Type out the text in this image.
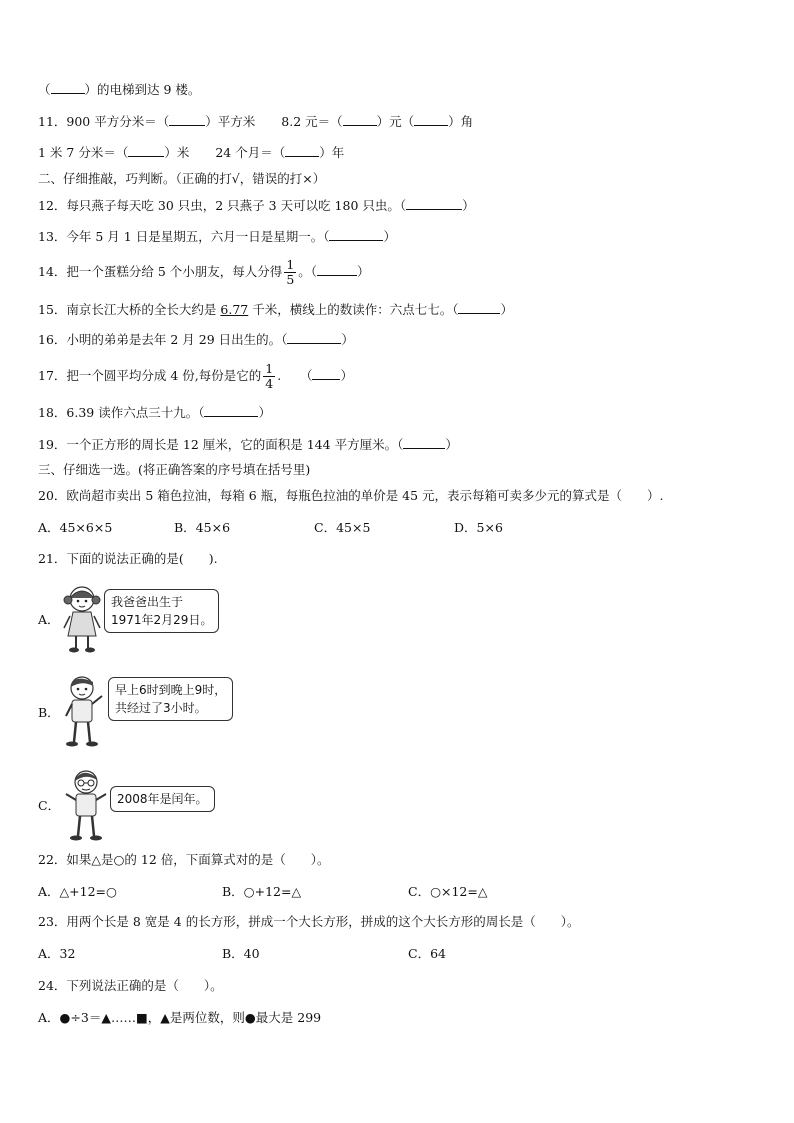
（	）的电梯到达 9 楼。
11．900 平方分米＝（	）平方米 8.2 元＝（	）元（	）角
1 米 7 分米＝（	）米 24 个月＝（	）年
二、仔细推敲，巧判断。（正确的打√，错误的打×）
12．每只燕子每天吃 30 只虫，2 只燕子 3 天可以吃 180 只虫。（	）
13．今年 5 月 1 日是星期五，六月一日是星期一。（	）
14．把一个蛋糕分给 5 个小朋友，每人分得 $\frac{1}{5}$ 。（	）
15．南京长江大桥的全长大约是 6.77 千米，横线上的数读作：六点七七。（	）
16．小明的弟弟是去年 2 月 29 日出生的。（	）
17．把一个圆平均分成 4 份,每份是它的 $\frac{1}{4}$ .　　（ ）
18．6.39 读作六点三十九。（	）
19．一个正方形的周长是 12 厘米，它的面积是 144 平方厘米。（	）
三、仔细选一选。(将正确答案的序号填在括号里)
20．欧尚超市卖出 5 箱色拉油，每箱 6 瓶，每瓶色拉油的单价是 45 元，表示每箱可卖多少元的算式是（　　）.
A．45×6×5	B．45×6	C．45×5	D．5×6
21．下面的说法正确的是(　　).
A．
我爸爸出生于
1971年2月29日。
B．
早上6时到晚上9时，
共经过了3小时。
C．	2008年是闰年。
22．如果△是○的 12 倍，下面算式对的是（　　）。
A．△+12=○	B．○+12=△	C．○×12=△
23．用两个长是 8 宽是 4 的长方形，拼成一个大长方形，拼成的这个大长方形的周长是（　　）。
A．32	B．40	C．64
24．下列说法正确的是（　　）。
A．●÷3＝▲……■，▲是两位数，则●最大是 299
